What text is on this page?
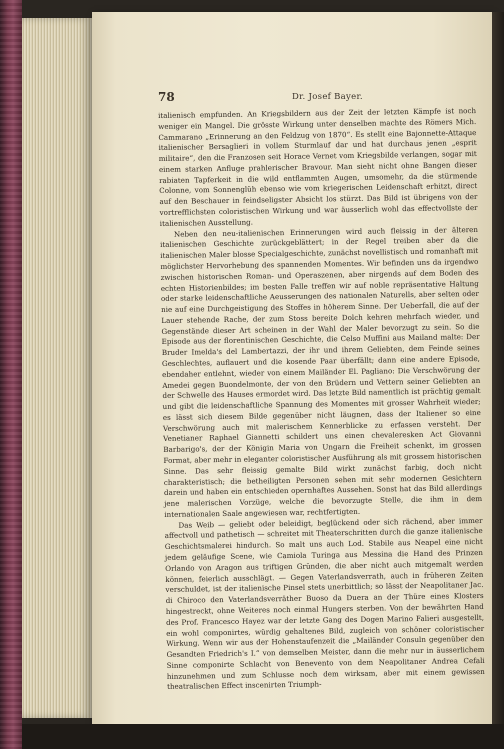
78	Dr. Josef Bayer.

italienisch empfunden. An Kriegsbildern aus der Zeit der letzten Kämpfe ist noch weniger ein Mangel. Die grösste Wirkung unter denselben machte des Römers Mich. Cammarano „Erinnerung an den Feldzug von 1870“. Es stellt eine Bajonnette-Attaque italienischer Bersaglieri in vollem Sturmlauf dar und hat durchaus jenen „esprit militaire“, den die Franzosen seit Horace Vernet vom Kriegsbilde verlangen, sogar mit einem starken Anfluge prahlerischer Bravour. Man sieht nicht ohne Bangen dieser rabiaten Tapferkeit in die wild entflammten Augen, umsomehr, da die stürmende Colonne, vom Sonnenglüh ebenso wie vom kriegerischen Leidenschaft erhitzt, direct auf den Beschauer in feindseligster Absicht los stürzt. Das Bild ist übrigens von der vortrefflichsten coloristischen Wirkung und war äusserlich wohl das effectvollste der italienischen Ausstellung.

Neben den neu-italienischen Erinnerungen wird auch fleissig in der älteren italienischen Geschichte zurückgeblättert; in der Regel treiben aber da die italienischen Maler blosse Specialgeschichte, zunächst novellistisch und romanhaft mit möglichster Hervorhebung des spannenden Momentes. Wir befinden uns da irgendwo zwischen historischen Roman- und Operaszenen, aber nirgends auf dem Boden des echten Historienbildes; im besten Falle treffen wir auf noble repräsentative Haltung oder starke leidenschaftliche Aeusserungen des nationalen Naturells, aber selten oder nie auf eine Durchgeistigung des Stoffes in höherem Sinne. Der Ueberfall, die auf der Lauer stehende Rache, der zum Stoss bereite Dolch kehren mehrfach wieder, und Gegenstände dieser Art scheinen in der Wahl der Maler bevorzugt zu sein. So die Episode aus der florentinischen Geschichte, die Celso Muffini aus Mailand malte: Der Bruder Imelda's del Lambertazzi, der ihr und ihrem Geliebten, dem Feinde seines Geschlechtes, auflauert und die kosende Paar überfällt; dann eine andere Episode, ebendaher entlehnt, wieder von einem Mailänder El. Pagliano: Die Verschwörung der Amedei gegen Buondelmonte, der von den Brüdern und Vettern seiner Geliebten an der Schwelle des Hauses ermordet wird. Das letzte Bild namentlich ist prächtig gemalt und gibt die leidenschaftliche Spannung des Momentes mit grosser Wahrheit wieder; es lässt sich diesem Bilde gegenüber nicht läugnen, dass der Italiener so eine Verschwörung auch mit malerischem Kennerblicke zu erfassen versteht. Der Venetianer Raphael Giannetti schildert uns einen chevaleresken Act Giovanni Barbarigo's, der der Königin Maria von Ungarn die Freiheit schenkt, im grossen Format, aber mehr in eleganter coloristischer Ausführung als mit grossem historischen Sinne. Das sehr fleissig gemalte Bild wirkt zunächst farbig, doch nicht charakteristisch; die betheiligten Personen sehen mit sehr modernen Gesichtern darein und haben ein entschieden opernhaftes Aussehen. Sonst hat das Bild allerdings jene malerischen Vorzüge, welche die bevorzugte Stelle, die ihm in dem internationalen Saale angewiesen war, rechtfertigten.

Das Weib — geliebt oder beleidigt, beglückend oder sich rächend, aber immer affectvoll und pathetisch — schreitet mit Theaterschritten durch die ganze italienische Geschichtsmalerei hindurch. So malt uns auch Lod. Stabile aus Neapel eine nicht jedem geläufige Scene, wie Camiola Turinga aus Messina die Hand des Prinzen Orlando von Aragon aus triftigen Gründen, die aber nicht auch mitgemalt werden können, feierlich ausschlägt. — Gegen Vaterlandsverrath, auch in früheren Zeiten verschuldet, ist der italienische Pinsel stets unerbittlich; so lässt der Neapolitaner Jac. di Chiroco den Vaterlandsverräther Buoso da Duera an der Thüre eines Klosters hingestreckt, ohne Weiteres noch einmal Hungers sterben. Von der bewährten Hand des Prof. Francesco Hayez war der letzte Gang des Dogen Marino Falieri ausgestellt, ein wohl componirtes, würdig gehaltenes Bild, zugleich von schöner coloristischer Wirkung. Wenn wir aus der Hohenstaufenzeit die „Mailänder Consuln gegenüber den Gesandten Friedrich's I.“ von demselben Meister, dann die mehr nur in äusserlichem Sinne componirte Schlacht von Benevento von dem Neapolitaner Andrea Cefali hinzunehmen und zum Schlusse noch dem wirksam, aber mit einem gewissen theatralischen Effect inscenirten Triumph-
